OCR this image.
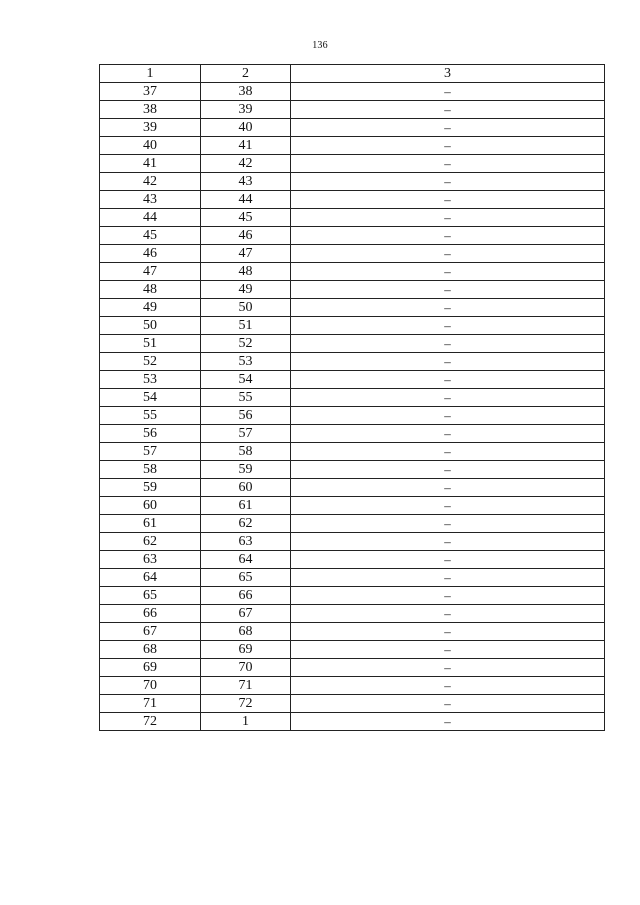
136
1	2	3
37	38	–
38	39	–
39	40	–
40	41	–
41	42	–
42	43	–
43	44	–
44	45	–
45	46	–
46	47	–
47	48	–
48	49	–
49	50	–
50	51	–
51	52	–
52	53	–
53	54	–
54	55	–
55	56	–
56	57	–
57	58	–
58	59	–
59	60	–
60	61	–
61	62	–
62	63	–
63	64	–
64	65	–
65	66	–
66	67	–
67	68	–
68	69	–
69	70	–
70	71	–
71	72	–
72	1	–
